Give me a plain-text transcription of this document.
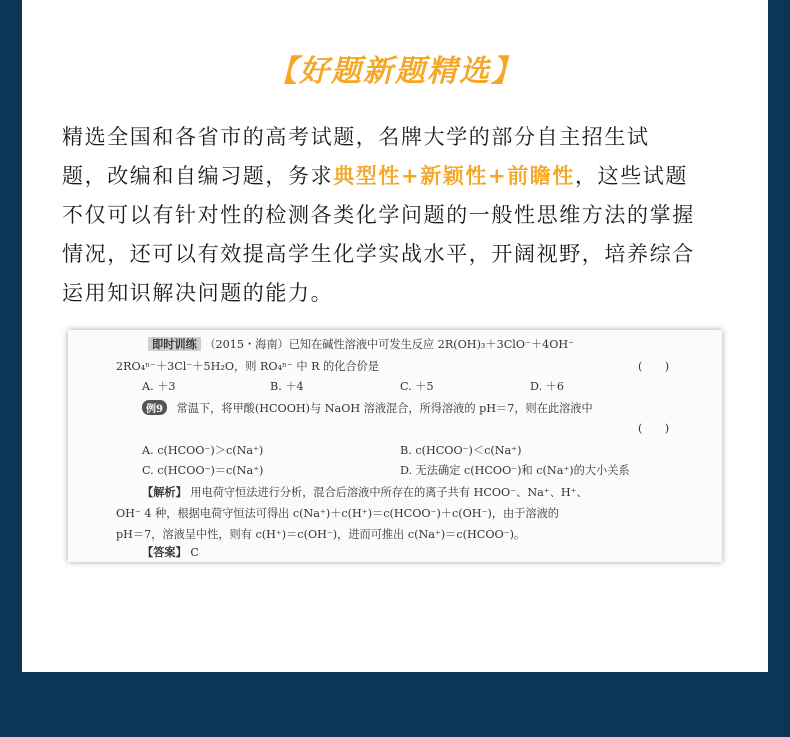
【好题新题精选】
精选全国和各省市的高考试题，名牌大学的部分自主招生试
题，改编和自编习题，务求典型性+新颖性+前瞻性，这些试题
不仅可以有针对性的检测各类化学问题的一般性思维方法的掌握
情况，还可以有效提高学生化学实战水平，开阔视野，培养综合
运用知识解决问题的能力。
即时训练 （2015・海南）已知在碱性溶液中可发生反应 2R(OH)₃＋3ClO⁻＋4OH⁻
2RO₄ⁿ⁻＋3Cl⁻＋5H₂O，则 RO₄ⁿ⁻ 中 R 的化合价是	(　　)
A. ＋3	B. ＋4	C. ＋5	D. ＋6
例9 常温下，将甲酸(HCOOH)与 NaOH 溶液混合，所得溶液的 pH＝7，则在此溶液中
(　　)
A. c(HCOO⁻)＞c(Na⁺)	B. c(HCOO⁻)＜c(Na⁺)
C. c(HCOO⁻)＝c(Na⁺)	D. 无法确定 c(HCOO⁻)和 c(Na⁺)的大小关系
【解析】 用电荷守恒法进行分析，混合后溶液中所存在的离子共有 HCOO⁻、Na⁺、H⁺、
OH⁻ 4 种，根据电荷守恒法可得出 c(Na⁺)＋c(H⁺)＝c(HCOO⁻)＋c(OH⁻)，由于溶液的
pH＝7，溶液呈中性，则有 c(H⁺)＝c(OH⁻)，进而可推出 c(Na⁺)＝c(HCOO⁻)。
【答案】 C
